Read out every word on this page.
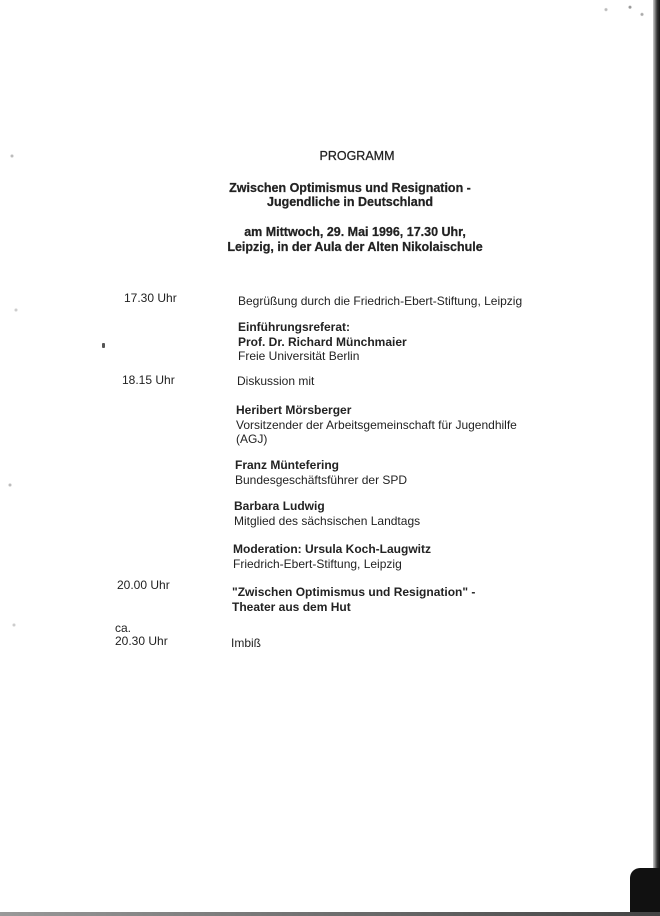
PROGRAMM
Zwischen Optimismus und Resignation -
Jugendliche in Deutschland
am Mittwoch, 29. Mai 1996, 17.30 Uhr,
Leipzig, in der Aula der Alten Nikolaischule
17.30 Uhr
18.15 Uhr
20.00 Uhr
ca.
20.30 Uhr
Begrüßung durch die Friedrich-Ebert-Stiftung, Leipzig
Einführungsreferat:
Prof. Dr. Richard Münchmaier
Freie Universität Berlin
Diskussion mit
Heribert Mörsberger
Vorsitzender der Arbeitsgemeinschaft für Jugendhilfe
(AGJ)
Franz Müntefering
Bundesgeschäftsführer der SPD
Barbara Ludwig
Mitglied des sächsischen Landtags
Moderation: Ursula Koch-Laugwitz
Friedrich-Ebert-Stiftung, Leipzig
"Zwischen Optimismus und Resignation" -
Theater aus dem Hut
Imbiß
